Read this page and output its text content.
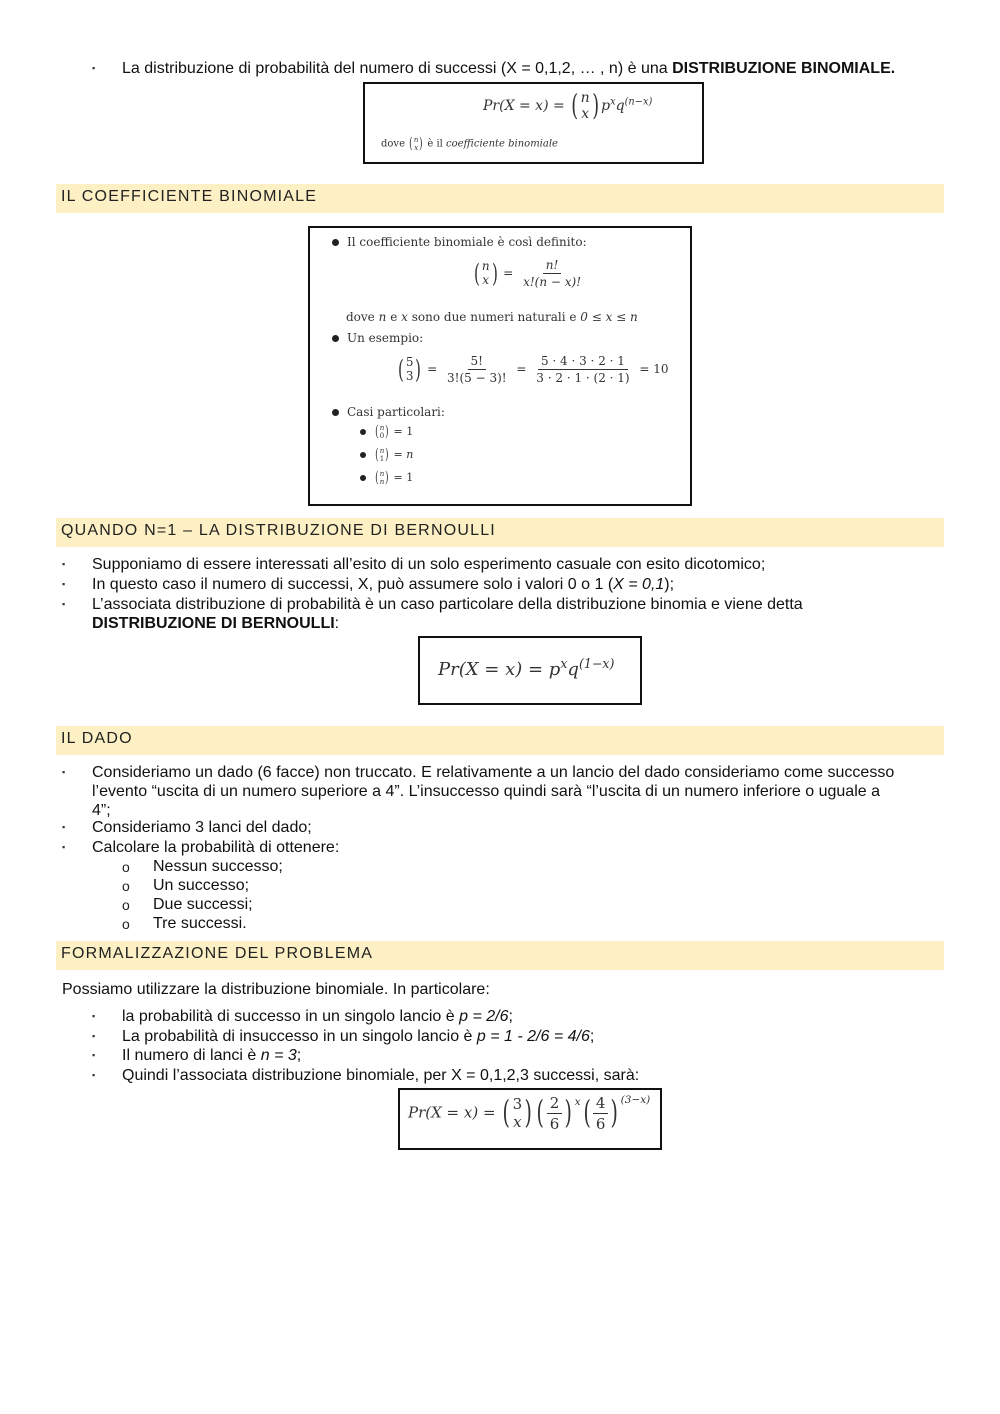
▪ La distribuzione di probabilità del numero di successi (X = 0,1,2, … , n) è una DISTRIBUZIONE BINOMIALE.
Pr(X = x) = ( n
x ) $p^xq^{(n-x)}$
dove ( n
x ) è il coefficiente binomiale
IL COEFFICIENTE BINOMIALE
Il coefficiente binomiale è così definito:
( n
x ) = $\frac{n!}{x!(n - x)!}$
dove n e x sono due numeri naturali e 0 ≤ x ≤ n
Un esempio:
( 5
3 ) = $\frac{5!}{3!(5 - 3)!} = \frac{5 \cdot 4 \cdot 3 \cdot 2 \cdot 1}{3 \cdot 2 \cdot 1 \cdot (2 \cdot 1)} = 10$
Casi particolari:
( n
0 ) = 1
( n
1 ) = n
( n
n ) = 1
QUANDO N=1 – LA DISTRIBUZIONE DI BERNOULLI
▪ Supponiamo di essere interessati all’esito di un solo esperimento casuale con esito dicotomico;
▪ In questo caso il numero di successi, X, può assumere solo i valori 0 o 1 (X = 0,1);
▪ L’associata distribuzione di probabilità è un caso particolare della distribuzione binomia e viene detta
DISTRIBUZIONE DI BERNOULLI:
$Pr(X = x) = p^xq^{(1-x)}$
IL DADO
▪ Consideriamo un dado (6 facce) non truccato. E relativamente a un lancio del dado consideriamo come successo
l’evento “uscita di un numero superiore a 4”. L’insuccesso quindi sarà “l’uscita di un numero inferiore o uguale a
4”;
▪ Consideriamo 3 lanci del dado;
▪ Calcolare la probabilità di ottenere:
o Nessun successo;
o Un successo;
o Due successi;
o Tre successi.
FORMALIZZAZIONE DEL PROBLEMA
Possiamo utilizzare la distribuzione binomiale. In particolare:
▪ la probabilità di successo in un singolo lancio è p = 2/6;
▪ La probabilità di insuccesso in un singolo lancio è p = 1 - 2/6 = 4/6;
▪ Il numero di lanci è n = 3;
▪ Quindi l’associata distribuzione binomiale, per X = 0,1,2,3 successi, sarà:
Pr(X = x) = ( 3
x ) ( $\frac{2}{6}$ ) $^x$ ( $\frac{4}{6}$ ) $^{(3-x)}$
